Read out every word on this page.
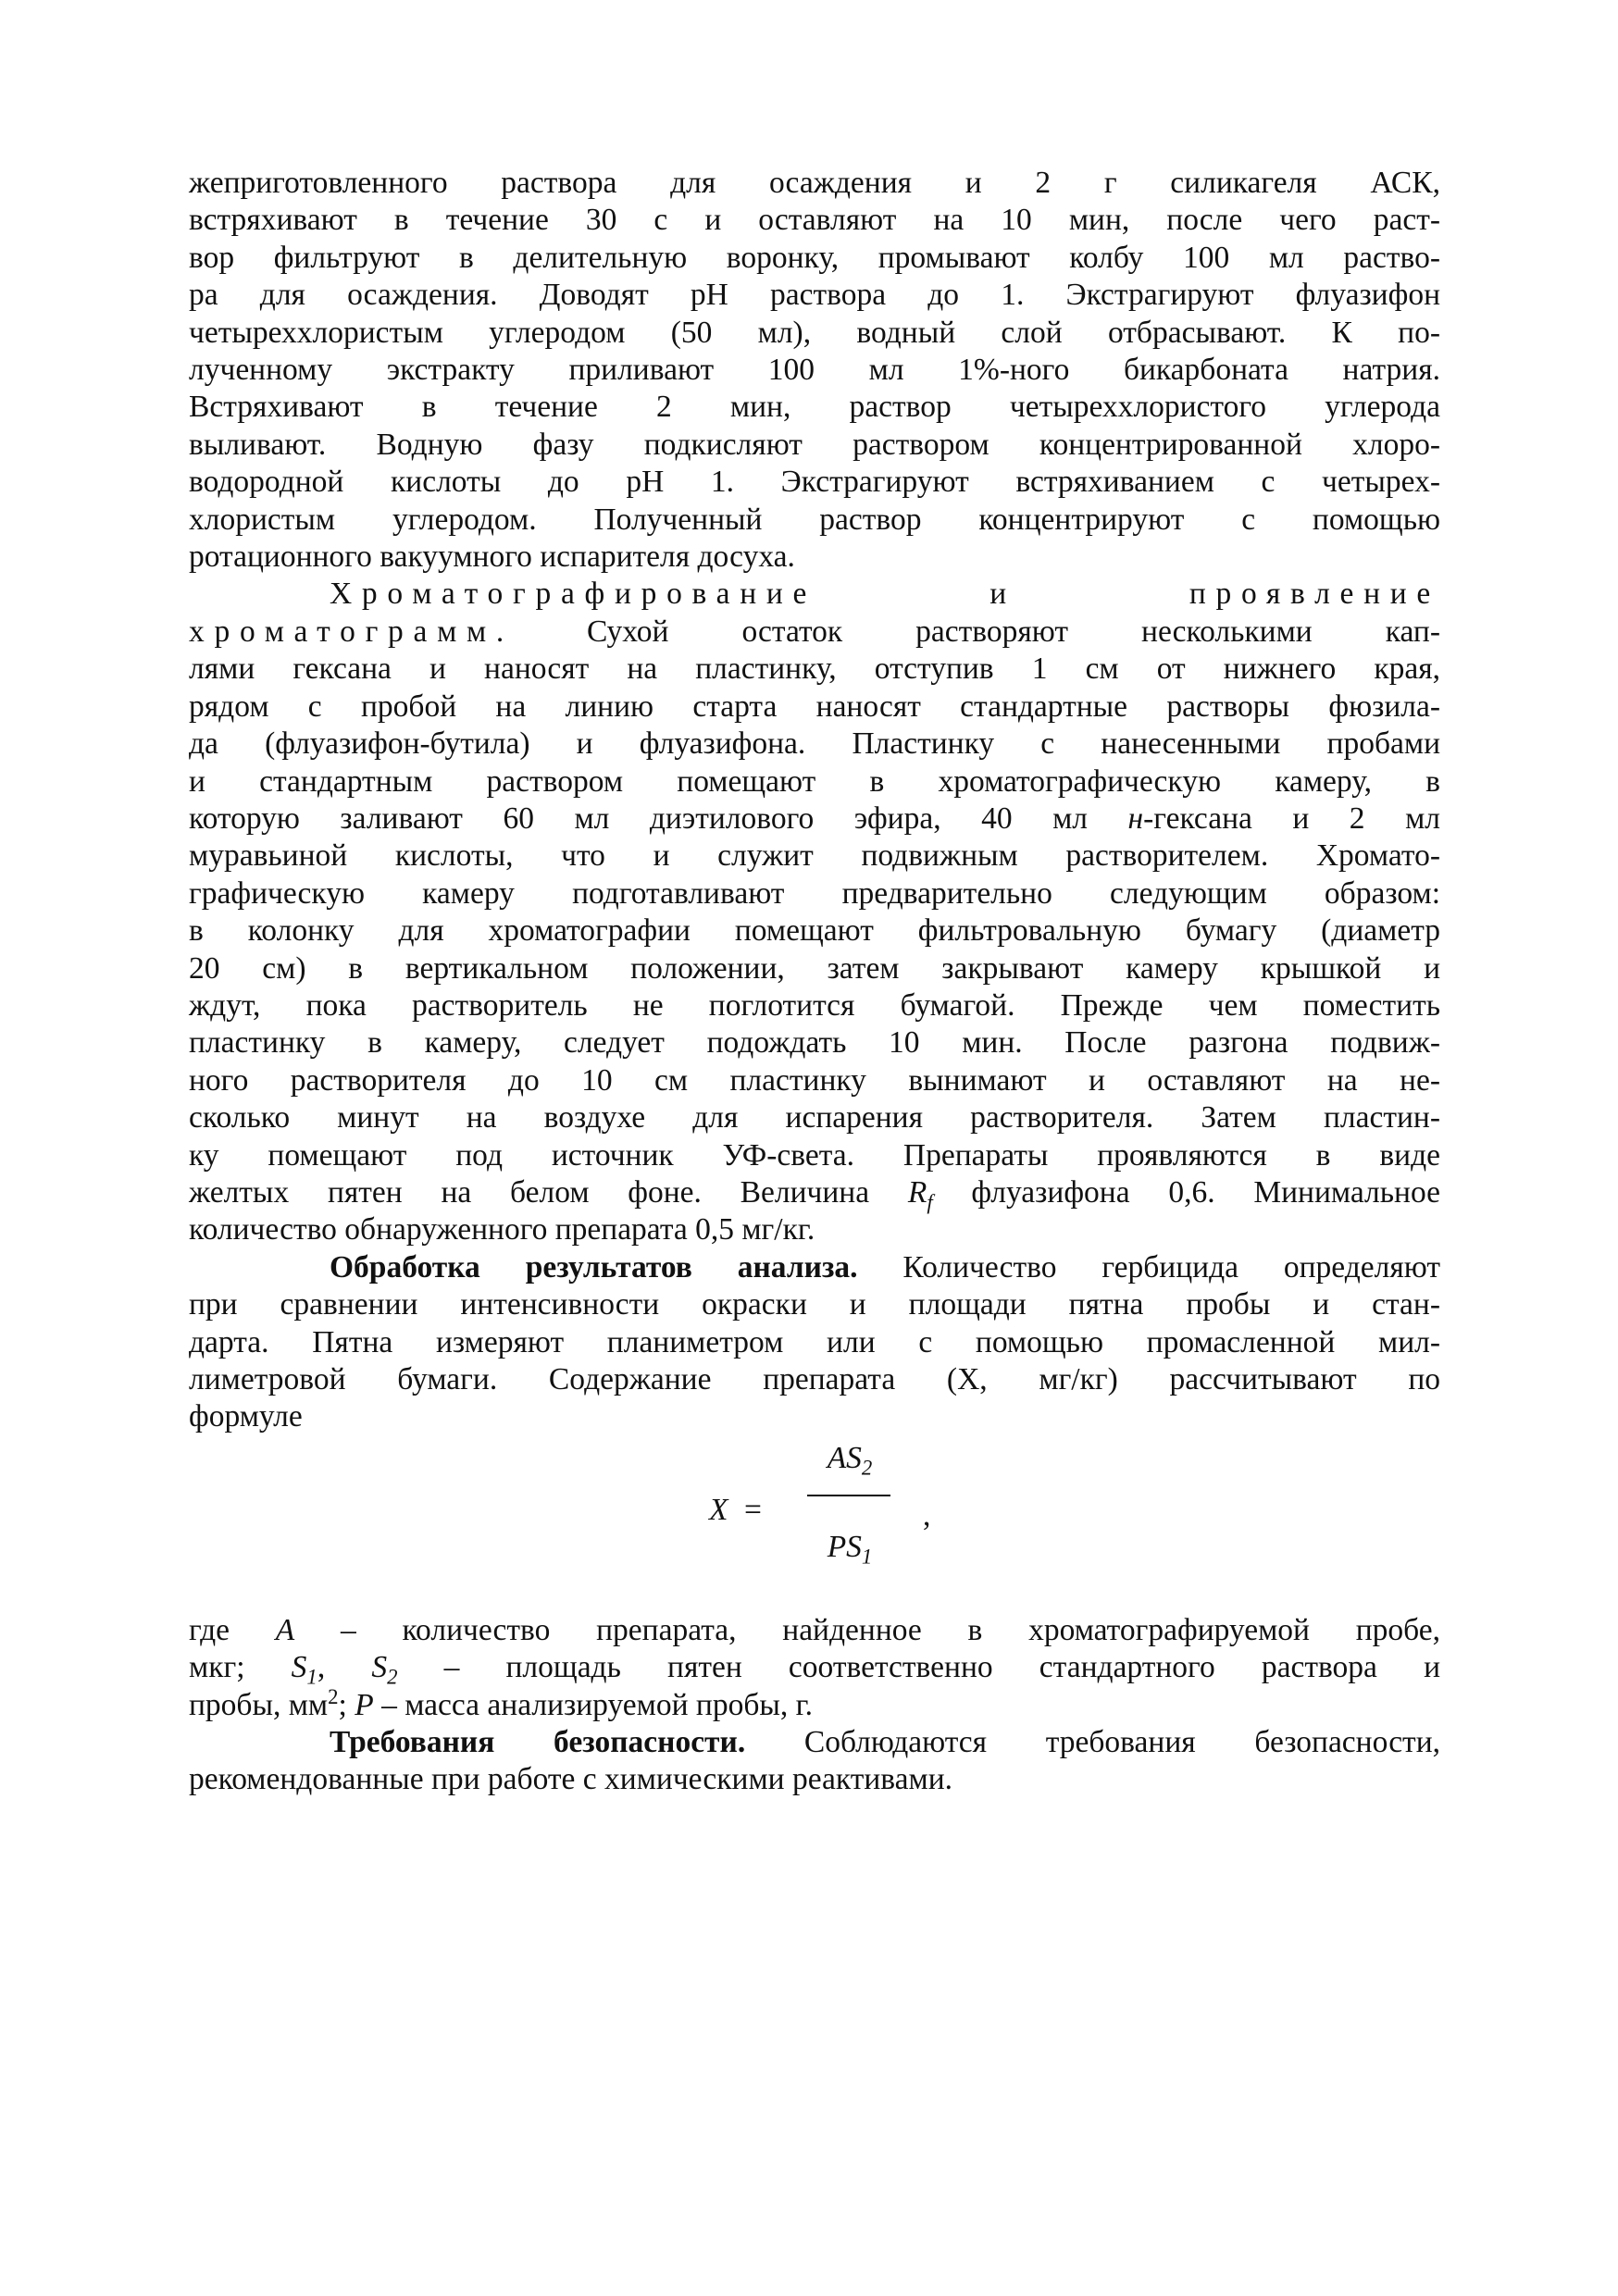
жеприготовленного раствора для осаждения и 2 г силикагеля АСК,
встряхивают в течение 30 с и оставляют на 10 мин, после чего раст-
вор фильтруют в делительную воронку, промывают колбу 100 мл раство-
ра для осаждения. Доводят pH раствора до 1. Экстрагируют флуазифон
четыреххлористым углеродом (50 мл), водный слой отбрасывают. К по-
лученному экстракту приливают 100 мл 1%-ного бикарбоната натрия.
Встряхивают в течение 2 мин, раствор четыреххлористого углерода
выливают. Водную фазу подкисляют раствором концентрированной хлоро-
водородной кислоты до pH 1. Экстрагируют встряхиванием с четырех-
хлористым углеродом. Полученный раствор концентрируют с помощью
ротационного вакуумного испарителя досуха.
Хроматографирование и проявление
хроматограмм. Сухой остаток растворяют несколькими кап-
лями гексана и наносят на пластинку, отступив 1 см от нижнего края,
рядом с пробой на линию старта наносят стандартные растворы фюзила-
да (флуазифон-бутила) и флуазифона. Пластинку с нанесенными пробами
и стандартным раствором помещают в хроматографическую камеру, в
которую заливают 60 мл диэтилового эфира, 40 мл н-гексана и 2 мл
муравьиной кислоты, что и служит подвижным растворителем. Хромато-
графическую камеру подготавливают предварительно следующим образом:
в колонку для хроматографии помещают фильтровальную бумагу (диаметр
20 см) в вертикальном положении, затем закрывают камеру крышкой и
ждут, пока растворитель не поглотится бумагой. Прежде чем поместить
пластинку в камеру, следует подождать 10 мин. После разгона подвиж-
ного растворителя до 10 см пластинку вынимают и оставляют на не-
сколько минут на воздухе для испарения растворителя. Затем пластин-
ку помещают под источник УФ-света. Препараты проявляются в виде
желтых пятен на белом фоне. Величина $R_f$ флуазифона 0,6. Минимальное
количество обнаруженного препарата 0,5 мг/кг.
Обработка результатов анализа. Количество гербицида определяют
при сравнении интенсивности окраски и площади пятна пробы и стан-
дарта. Пятна измеряют планиметром или с помощью промасленной мил-
лиметровой бумаги. Содержание препарата (X, мг/кг) рассчитывают по
формуле
X =
$AS_2$
$PS_1$
,
где A – количество препарата, найденное в хроматографируемой пробе,
мкг; $S_1$, $S_2$ – площадь пятен соответственно стандартного раствора и
пробы, $мм^2$; P – масса анализируемой пробы, г.
Требования безопасности. Соблюдаются требования безопасности,
рекомендованные при работе с химическими реактивами.
